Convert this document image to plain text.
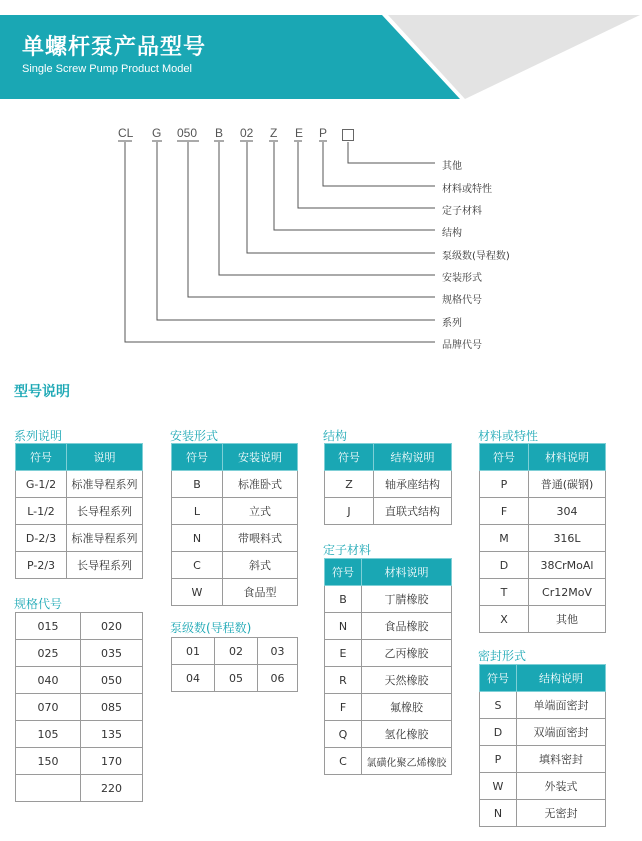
单螺杆泵产品型号
Single Screw Pump Product Model
CL G 050 B 02 Z E P
其他
材料或特性
定子材料
结构
泵级数(导程数)
安装形式
规格代号
系列
品牌代号
型号说明
系列说明
符号	说明
G-1/2	标准导程系列
L-1/2	长导程系列
D-2/3	标准导程系列
P-2/3	长导程系列
规格代号
015	020
025	035
040	050
070	085
105	135
150	170
	220
安装形式
符号	安装说明
B	标准卧式
L	立式
N	带喂料式
C	斜式
W	食品型
泵级数(导程数)
01	02	03
04	05	06
结构
符号	结构说明
Z	轴承座结构
J	直联式结构
定子材料
符号	材料说明
B	丁腈橡胶
N	食品橡胶
E	乙丙橡胶
R	天然橡胶
F	氟橡胶
Q	氢化橡胶
C	氯磺化聚乙烯橡胶
材料或特性
符号	材料说明
P	普通(碳钢)
F	304
M	316L
D	38CrMoAl
T	Cr12MoV
X	其他
密封形式
符号	结构说明
S	单端面密封
D	双端面密封
P	填料密封
W	外装式
N	无密封
